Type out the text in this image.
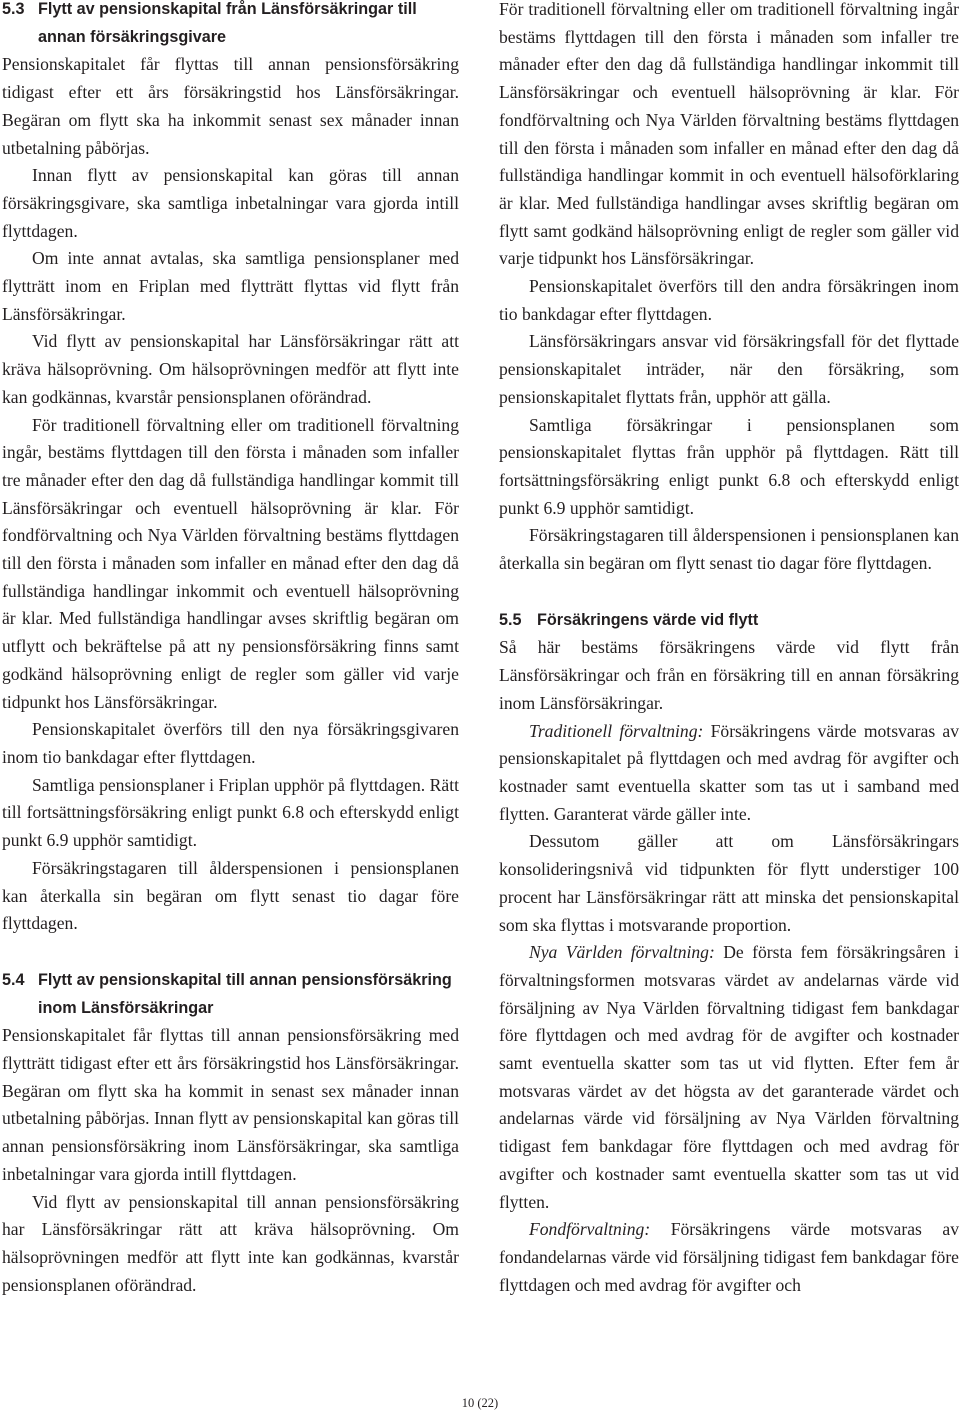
5.3 Flytt av pensionskapital från Länsförsäkringar till annan försäkringsgivare

Pensionskapitalet får flyttas till annan pensionsförsäkring tidigast efter ett års försäkringstid hos Länsförsäkringar. Begäran om flytt ska ha inkommit senast sex månader innan utbetalning påbörjas.

Innan flytt av pensionskapital kan göras till annan försäkringsgivare, ska samtliga inbetalningar vara gjorda intill flyttdagen.

Om inte annat avtalas, ska samtliga pensionsplaner med flytträtt inom en Friplan med flytträtt flyttas vid flytt från Länsförsäkringar.

Vid flytt av pensionskapital har Länsförsäkringar rätt att kräva hälsoprövning. Om hälsoprövningen medför att flytt inte kan godkännas, kvarstår pensionsplanen oförändrad.

För traditionell förvaltning eller om traditionell förvaltning ingår, bestäms flyttdagen till den första i månaden som infaller tre månader efter den dag då fullständiga handlingar kommit till Länsförsäkringar och eventuell hälsoprövning är klar. För fondförvaltning och Nya Världen förvaltning bestäms flyttdagen till den första i månaden som infaller en månad efter den dag då fullständiga handlingar inkommit och eventuell hälsoprövning är klar. Med fullständiga handlingar avses skriftlig begäran om utflytt och bekräftelse på att ny pensionsförsäkring finns samt godkänd hälsoprövning enligt de regler som gäller vid varje tidpunkt hos Länsförsäkringar.

Pensionskapitalet överförs till den nya försäkringsgivaren inom tio bankdagar efter flyttdagen.

Samtliga pensionsplaner i Friplan upphör på flyttdagen. Rätt till fortsättningsförsäkring enligt punkt 6.8 och efterskydd enligt punkt 6.9 upphör samtidigt.

Försäkringstagaren till ålderspensionen i pensionsplanen kan återkalla sin begäran om flytt senast tio dagar före flyttdagen.

5.4 Flytt av pensionskapital till annan pensionsförsäkring inom Länsförsäkringar

Pensionskapitalet får flyttas till annan pensionsförsäkring med flytträtt tidigast efter ett års försäkringstid hos Länsförsäkringar. Begäran om flytt ska ha kommit in senast sex månader innan utbetalning påbörjas. Innan flytt av pensionskapital kan göras till annan pensionsförsäkring inom Länsförsäkringar, ska samtliga inbetalningar vara gjorda intill flyttdagen.

Vid flytt av pensionskapital till annan pensionsförsäkring har Länsförsäkringar rätt att kräva hälsoprövning. Om hälsoprövningen medför att flytt inte kan godkännas, kvarstår pensionsplanen oförändrad.

För traditionell förvaltning eller om traditionell förvaltning ingår bestäms flyttdagen till den första i månaden som infaller tre månader efter den dag då fullständiga handlingar inkommit till Länsförsäkringar och eventuell hälsoprövning är klar. För fondförvaltning och Nya Världen förvaltning bestäms flyttdagen till den första i månaden som infaller en månad efter den dag då fullständiga handlingar kommit in och eventuell hälsoförklaring är klar. Med fullständiga handlingar avses skriftlig begäran om flytt samt godkänd hälsoprövning enligt de regler som gäller vid varje tidpunkt hos Länsförsäkringar.

Pensionskapitalet överförs till den andra försäkringen inom tio bankdagar efter flyttdagen.

Länsförsäkringars ansvar vid försäkringsfall för det flyttade pensionskapitalet inträder, när den försäkring, som pensionskapitalet flyttats från, upphör att gälla.

Samtliga försäkringar i pensionsplanen som pensionskapitalet flyttas från upphör på flyttdagen. Rätt till fortsättningsförsäkring enligt punkt 6.8 och efterskydd enligt punkt 6.9 upphör samtidigt.

Försäkringstagaren till ålderspensionen i pensionsplanen kan återkalla sin begäran om flytt senast tio dagar före flyttdagen.

5.5 Försäkringens värde vid flytt

Så här bestäms försäkringens värde vid flytt från Länsförsäkringar och från en försäkring till en annan försäkring inom Länsförsäkringar.

Traditionell förvaltning: Försäkringens värde motsvaras av pensionskapitalet på flyttdagen och med avdrag för avgifter och kostnader samt eventuella skatter som tas ut i samband med flytten. Garanterat värde gäller inte.

Dessutom gäller att om Länsförsäkringars konsolideringsnivå vid tidpunkten för flytt understiger 100 procent har Länsförsäkringar rätt att minska det pensionskapital som ska flyttas i motsvarande proportion.

Nya Världen förvaltning: De första fem försäkringsåren i förvaltningsformen motsvaras värdet av andelarnas värde vid försäljning av Nya Världen förvaltning tidigast fem bankdagar före flyttdagen och med avdrag för de avgifter och kostnader samt eventuella skatter som tas ut vid flytten. Efter fem år motsvaras värdet av det högsta av det garanterade värdet och andelarnas värde vid försäljning av Nya Världen förvaltning tidigast fem bankdagar före flyttdagen och med avdrag för avgifter och kostnader samt eventuella skatter som tas ut vid flytten.

Fondförvaltning: Försäkringens värde motsvaras av fondandelarnas värde vid försäljning tidigast fem bankdagar före flyttdagen och med avdrag för avgifter och

10 (22)
